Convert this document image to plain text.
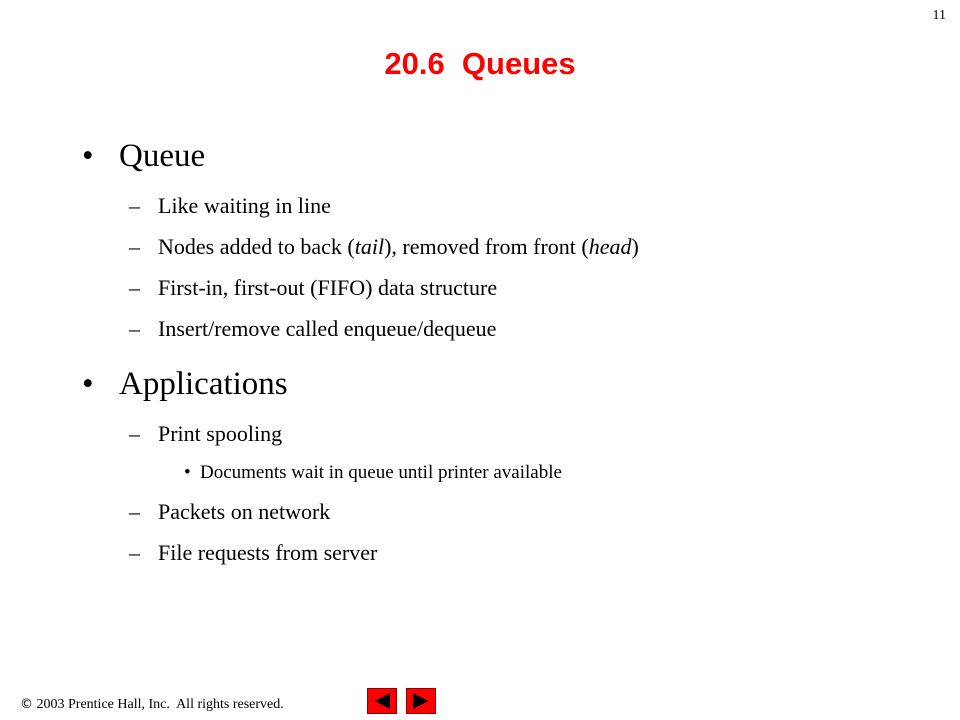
11
20.6  Queues
• Queue
– Like waiting in line
– Nodes added to back (tail), removed from front (head)
– First-in, first-out (FIFO) data structure
– Insert/remove called enqueue/dequeue
• Applications
– Print spooling
• Documents wait in queue until printer available
– Packets on network
– File requests from server
© 2003 Prentice Hall, Inc.  All rights reserved.
